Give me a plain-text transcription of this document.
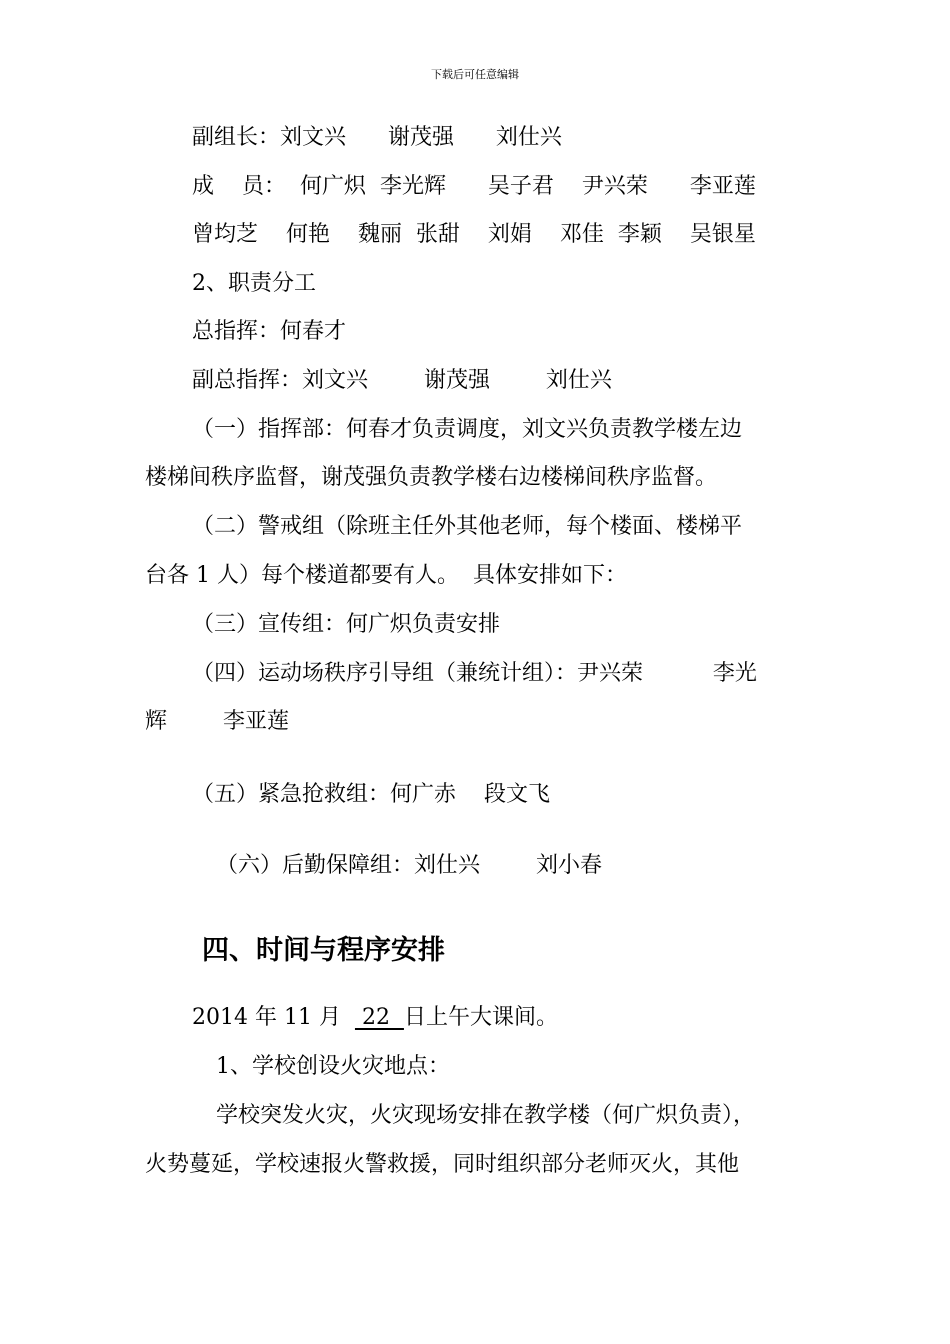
下载后可任意编辑
副组长：刘文兴      谢茂强      刘仕兴
成    员：  何广炽  李光辉      吴子君    尹兴荣      李亚莲
曾均芝    何艳    魏丽  张甜    刘娟    邓佳  李颖    吴银星
2、职责分工
总指挥：何春才
副总指挥：刘文兴        谢茂强        刘仕兴
（一）指挥部：何春才负责调度，刘文兴负责教学楼左边
楼梯间秩序监督，谢茂强负责教学楼右边楼梯间秩序监督。
（二）警戒组（除班主任外其他老师，每个楼面、楼梯平
台各 1 人）每个楼道都要有人。  具体安排如下：
（三）宣传组：何广炽负责安排
（四）运动场秩序引导组（兼统计组）：尹兴荣          李光
辉        李亚莲
（五）紧急抢救组：何广赤    段文飞
（六）后勤保障组：刘仕兴        刘小春
四、时间与程序安排
2014 年 11 月   22  日上午大课间。
1、学校创设火灾地点：
学校突发火灾，火灾现场安排在教学楼（何广炽负责），
火势蔓延，学校速报火警救援，同时组织部分老师灭火，其他
